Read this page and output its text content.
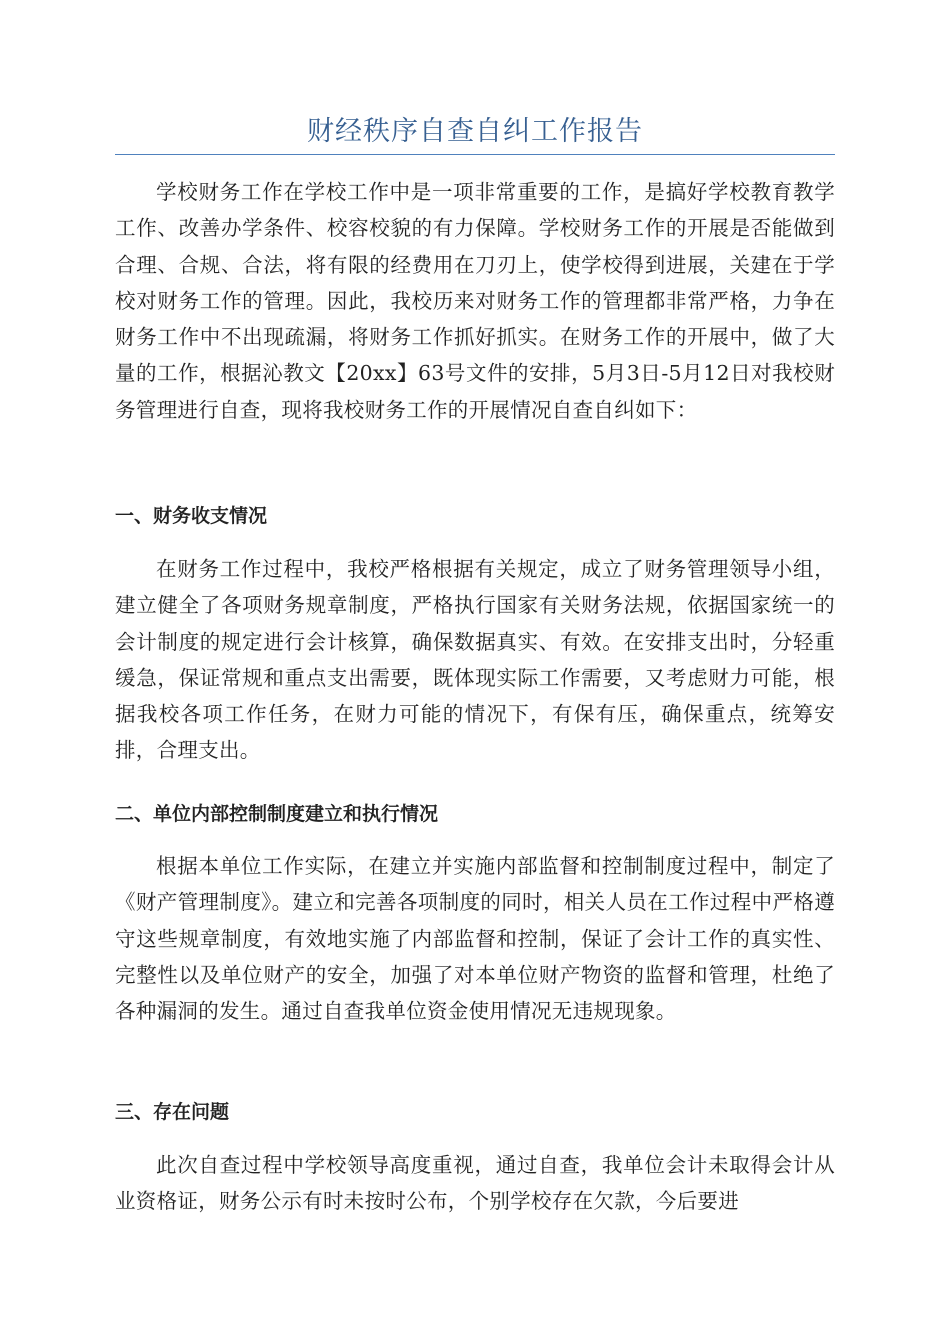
财经秩序自查自纠工作报告

学校财务工作在学校工作中是一项非常重要的工作，是搞好学校教育教学工作、改善办学条件、校容校貌的有力保障。学校财务工作的开展是否能做到合理、合规、合法，将有限的经费用在刀刃上，使学校得到进展，关建在于学校对财务工作的管理。因此，我校历来对财务工作的管理都非常严格，力争在财务工作中不出现疏漏，将财务工作抓好抓实。在财务工作的开展中，做了大量的工作，根据沁教文【20xx】63号文件的安排，5月3日-5月12日对我校财务管理进行自查，现将我校财务工作的开展情况自查自纠如下：

一、财务收支情况

在财务工作过程中，我校严格根据有关规定，成立了财务管理领导小组，建立健全了各项财务规章制度，严格执行国家有关财务法规，依据国家统一的会计制度的规定进行会计核算，确保数据真实、有效。在安排支出时，分轻重缓急，保证常规和重点支出需要，既体现实际工作需要，又考虑财力可能，根据我校各项工作任务，在财力可能的情况下，有保有压，确保重点，统筹安排，合理支出。

二、单位内部控制制度建立和执行情况

根据本单位工作实际，在建立并实施内部监督和控制制度过程中，制定了《财产管理制度》。建立和完善各项制度的同时，相关人员在工作过程中严格遵守这些规章制度，有效地实施了内部监督和控制，保证了会计工作的真实性、完整性以及单位财产的安全，加强了对本单位财产物资的监督和管理，杜绝了各种漏洞的发生。通过自查我单位资金使用情况无违规现象。

三、存在问题

此次自查过程中学校领导高度重视，通过自查，我单位会计未取得会计从业资格证，财务公示有时未按时公布，个别学校存在欠款，今后要进
